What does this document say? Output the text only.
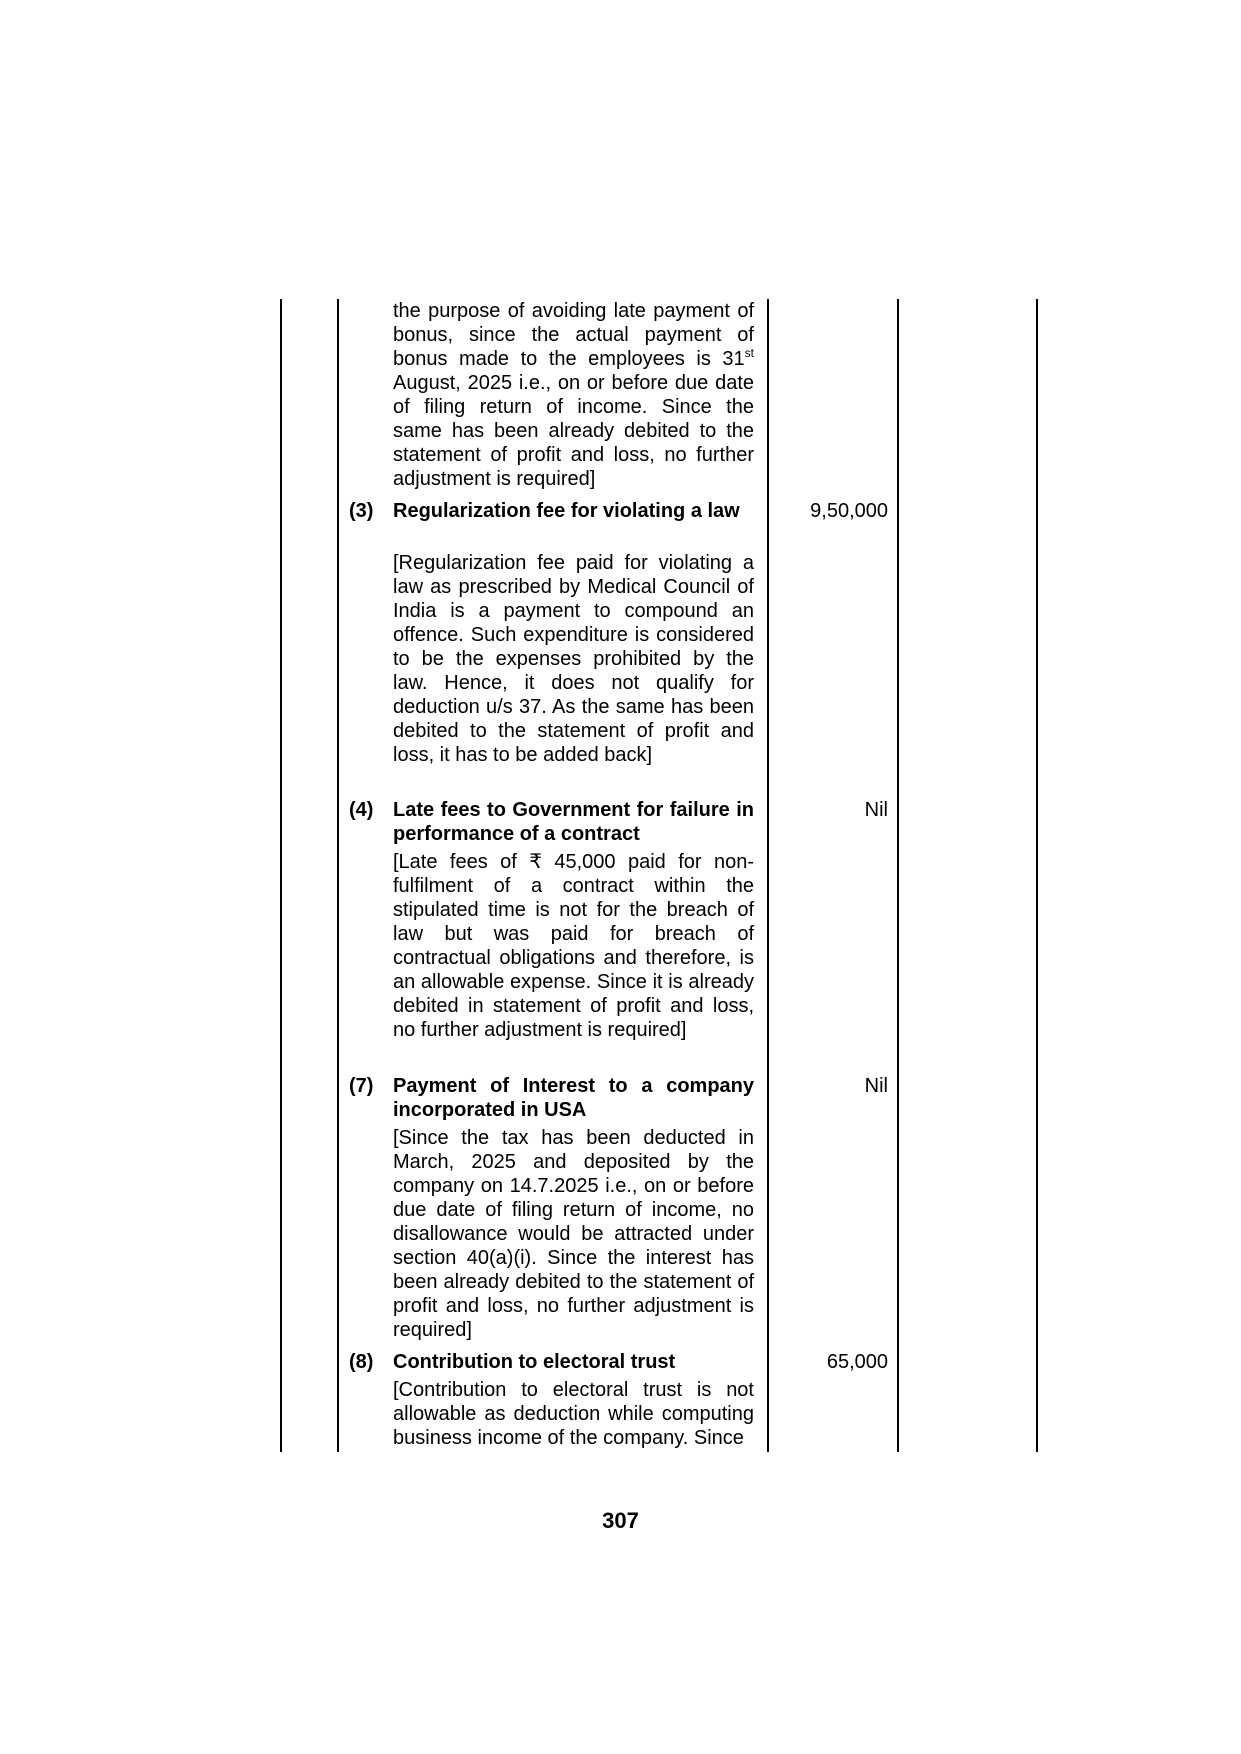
the purpose of avoiding late payment of bonus, since the actual payment of bonus made to the employees is 31st August, 2025 i.e., on or before due date of filing return of income. Since the same has been already debited to the statement of profit and loss, no further adjustment is required]
(3) Regularization fee for violating a law	9,50,000
[Regularization fee paid for violating a law as prescribed by Medical Council of India is a payment to compound an offence. Such expenditure is considered to be the expenses prohibited by the law. Hence, it does not qualify for deduction u/s 37. As the same has been debited to the statement of profit and loss, it has to be added back]
(4) Late fees to Government for failure in performance of a contract
Nil
[Late fees of ₹ 45,000 paid for non-fulfilment of a contract within the stipulated time is not for the breach of law but was paid for breach of contractual obligations and therefore, is an allowable expense. Since it is already debited in statement of profit and loss, no further adjustment is required]
(7) Payment of Interest to a company incorporated in USA
Nil
[Since the tax has been deducted in March, 2025 and deposited by the company on 14.7.2025 i.e., on or before due date of filing return of income, no disallowance would be attracted under section 40(a)(i). Since the interest has been already debited to the statement of profit and loss, no further adjustment is required]
(8) Contribution to electoral trust	65,000
[Contribution to electoral trust is not allowable as deduction while computing business income of the company. Since
307
